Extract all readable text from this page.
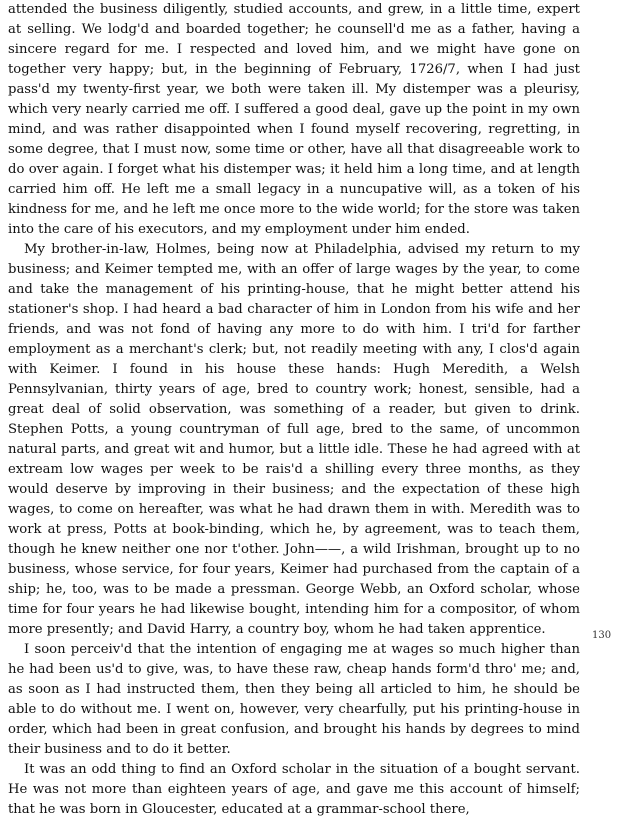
attended the business diligently, studied accounts, and grew, in a little time, expert at selling. We lodg'd and boarded together; he counsell'd me as a father, having a sincere regard for me. I respected and loved him, and we might have gone on together very happy; but, in the beginning of February, 1726/7, when I had just pass'd my twenty-first year, we both were taken ill. My distemper was a pleurisy, which very nearly carried me off. I suffered a good deal, gave up the point in my own mind, and was rather disappointed when I found myself recovering, regretting, in some degree, that I must now, some time or other, have all that disagreeable work to do over again. I forget what his distemper was; it held him a long time, and at length carried him off. He left me a small legacy in a nuncupative will, as a token of his kindness for me, and he left me once more to the wide world; for the store was taken into the care of his executors, and my employment under him ended.

My brother-in-law, Holmes, being now at Philadelphia, advised my return to my business; and Keimer tempted me, with an offer of large wages by the year, to come and take the management of his printing-house, that he might better attend his stationer's shop. I had heard a bad character of him in London from his wife and her friends, and was not fond of having any more to do with him. I tri'd for farther employment as a merchant's clerk; but, not readily meeting with any, I clos'd again with Keimer. I found in his house these hands: Hugh Meredith, a Welsh Pennsylvanian, thirty years of age, bred to country work; honest, sensible, had a great deal of solid observation, was something of a reader, but given to drink. Stephen Potts, a young countryman of full age, bred to the same, of uncommon natural parts, and great wit and humor, but a little idle. These he had agreed with at extream low wages per week to be rais'd a shilling every three months, as they would deserve by improving in their business; and the expectation of these high wages, to come on hereafter, was what he had drawn them in with. Meredith was to work at press, Potts at book-binding, which he, by agreement, was to teach them, though he knew neither one nor t'other. John——, a wild Irishman, brought up to no business, whose service, for four years, Keimer had purchased from the captain of a ship; he, too, was to be made a pressman. George Webb, an Oxford scholar, whose time for four years he had likewise bought, intending him for a compositor, of whom more presently; and David Harry, a country boy, whom he had taken apprentice.

I soon perceiv'd that the intention of engaging me at wages so much higher than he had been us'd to give, was, to have these raw, cheap hands form'd thro' me; and, as soon as I had instructed them, then they being all articled to him, he should be able to do without me. I went on, however, very chearfully, put his printing-house in order, which had been in great confusion, and brought his hands by degrees to mind their business and to do it better.

It was an odd thing to find an Oxford scholar in the situation of a bought servant. He was not more than eighteen years of age, and gave me this account of himself; that he was born in Gloucester, educated at a grammar-school there,

130
